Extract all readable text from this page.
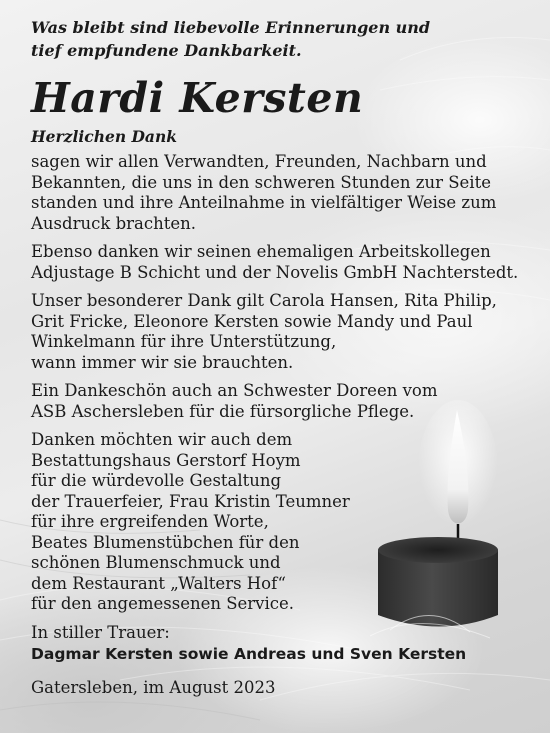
Was bleibt sind liebevolle Erinnerungen und

tief empfundene Dankbarkeit.

Hardi Kersten

Herzlichen Dank

sagen wir allen Verwandten, Freunden, Nachbarn und
Bekannten, die uns in den schweren Stunden zur Seite
standen und ihre Anteilnahme in vielfältiger Weise zum
Ausdruck brachten.

Ebenso danken wir seinen ehemaligen Arbeitskollegen
Adjustage B Schicht und der Novelis GmbH Nachterstedt.

Unser besonderer Dank gilt Carola Hansen, Rita Philip,
Grit Fricke, Eleonore Kersten sowie Mandy und Paul
Winkelmann für ihre Unterstützung,
wann immer wir sie brauchten.

Ein Dankeschön auch an Schwester Doreen vom
ASB Aschersleben für die fürsorgliche Pflege.

Danken möchten wir auch dem
Bestattungshaus Gerstorf Hoym
für die würdevolle Gestaltung
der Trauerfeier, Frau Kristin Teumner
für ihre ergreifenden Worte,
Beates Blumenstübchen für den
schönen Blumenschmuck und
dem Restaurant „Walters Hof“
für den angemessenen Service.

In stiller Trauer:

Dagmar Kersten sowie Andreas und Sven Kersten

Gatersleben, im August 2023
